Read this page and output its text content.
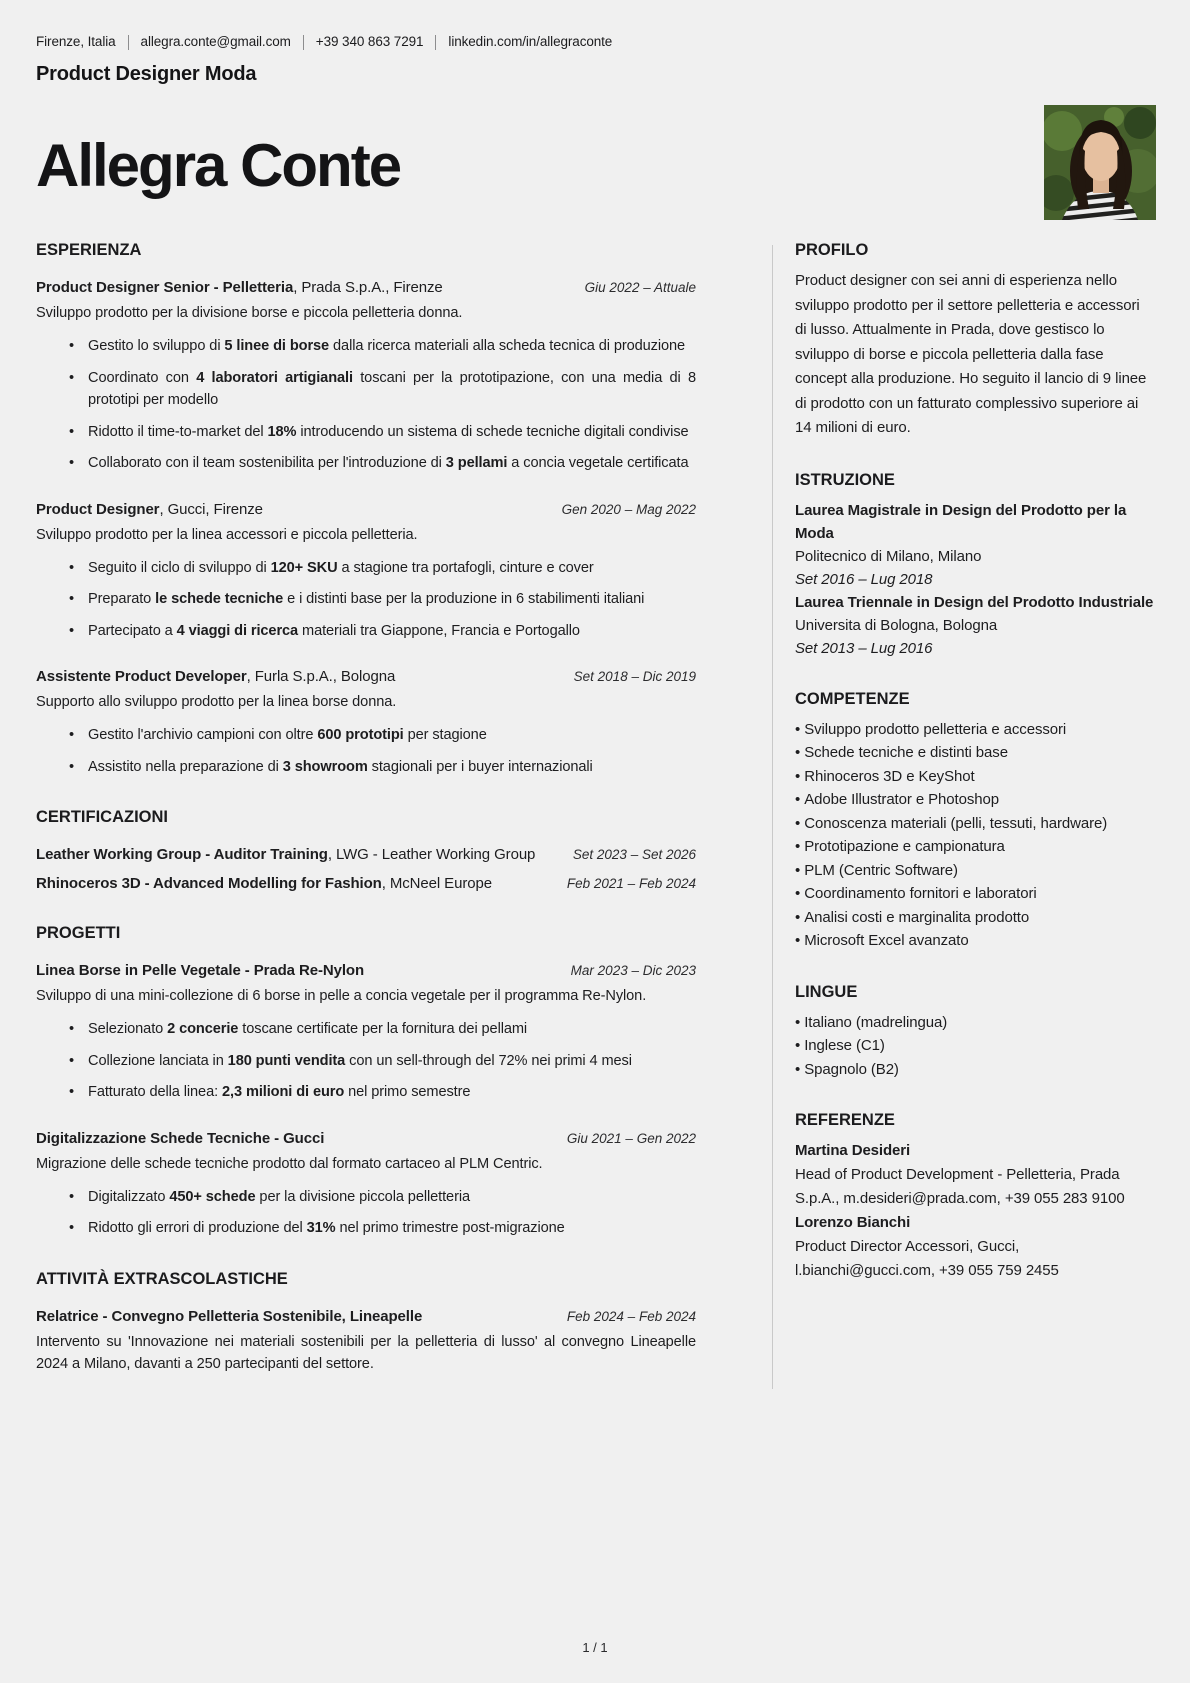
Firenze, Italia allegra.conte@gmail.com +39 340 863 7291 linkedin.com/in/allegraconte
Product Designer Moda
Allegra Conte
ESPERIENZA
Product Designer Senior - Pelletteria, Prada S.p.A., Firenze	Giu 2022 – Attuale
Sviluppo prodotto per la divisione borse e piccola pelletteria donna.
• Gestito lo sviluppo di 5 linee di borse dalla ricerca materiali alla scheda tecnica di produzione
• Coordinato con 4 laboratori artigianali toscani per la prototipazione, con una media di 8 prototipi per modello
• Ridotto il time-to-market del 18% introducendo un sistema di schede tecniche digitali condivise
• Collaborato con il team sostenibilita per l'introduzione di 3 pellami a concia vegetale certificata
Product Designer, Gucci, Firenze	Gen 2020 – Mag 2022
Sviluppo prodotto per la linea accessori e piccola pelletteria.
• Seguito il ciclo di sviluppo di 120+ SKU a stagione tra portafogli, cinture e cover
• Preparato le schede tecniche e i distinti base per la produzione in 6 stabilimenti italiani
• Partecipato a 4 viaggi di ricerca materiali tra Giappone, Francia e Portogallo
Assistente Product Developer, Furla S.p.A., Bologna	Set 2018 – Dic 2019
Supporto allo sviluppo prodotto per la linea borse donna.
• Gestito l'archivio campioni con oltre 600 prototipi per stagione
• Assistito nella preparazione di 3 showroom stagionali per i buyer internazionali
CERTIFICAZIONI
Leather Working Group - Auditor Training, LWG - Leather Working Group	Set 2023 – Set 2026
Rhinoceros 3D - Advanced Modelling for Fashion, McNeel Europe	Feb 2021 – Feb 2024
PROGETTI
Linea Borse in Pelle Vegetale - Prada Re-Nylon	Mar 2023 – Dic 2023
Sviluppo di una mini-collezione di 6 borse in pelle a concia vegetale per il programma Re-Nylon.
• Selezionato 2 concerie toscane certificate per la fornitura dei pellami
• Collezione lanciata in 180 punti vendita con un sell-through del 72% nei primi 4 mesi
• Fatturato della linea: 2,3 milioni di euro nel primo semestre
Digitalizzazione Schede Tecniche - Gucci	Giu 2021 – Gen 2022
Migrazione delle schede tecniche prodotto dal formato cartaceo al PLM Centric.
• Digitalizzato 450+ schede per la divisione piccola pelletteria
• Ridotto gli errori di produzione del 31% nel primo trimestre post-migrazione
ATTIVITÀ EXTRASCOLASTICHE
Relatrice - Convegno Pelletteria Sostenibile, Lineapelle	Feb 2024 – Feb 2024
Intervento su 'Innovazione nei materiali sostenibili per la pelletteria di lusso' al convegno Lineapelle 2024 a Milano, davanti a 250 partecipanti del settore.
PROFILO

Product designer con sei anni di esperienza nello sviluppo prodotto per il settore pelletteria e accessori di lusso. Attualmente in Prada, dove gestisco lo sviluppo di borse e piccola pelletteria dalla fase concept alla produzione. Ho seguito il lancio di 9 linee di prodotto con un fatturato complessivo superiore ai 14 milioni di euro.

ISTRUZIONE
Laurea Magistrale in Design del Prodotto per la Moda
Politecnico di Milano, Milano
Set 2016 – Lug 2018
Laurea Triennale in Design del Prodotto Industriale
Universita di Bologna, Bologna
Set 2013 – Lug 2016
COMPETENZE
• Sviluppo prodotto pelletteria e accessori
• Schede tecniche e distinti base
• Rhinoceros 3D e KeyShot
• Adobe Illustrator e Photoshop
• Conoscenza materiali (pelli, tessuti, hardware)
• Prototipazione e campionatura
• PLM (Centric Software)
• Coordinamento fornitori e laboratori
• Analisi costi e marginalita prodotto
• Microsoft Excel avanzato
LINGUE
• Italiano (madrelingua)
• Inglese (C1)
• Spagnolo (B2)
REFERENZE
Martina Desideri
Head of Product Development - Pelletteria, Prada S.p.A., m.desideri@prada.com, +39 055 283 9100
Lorenzo Bianchi
Product Director Accessori, Gucci, l.bianchi@gucci.com, +39 055 759 2455
1 / 1
